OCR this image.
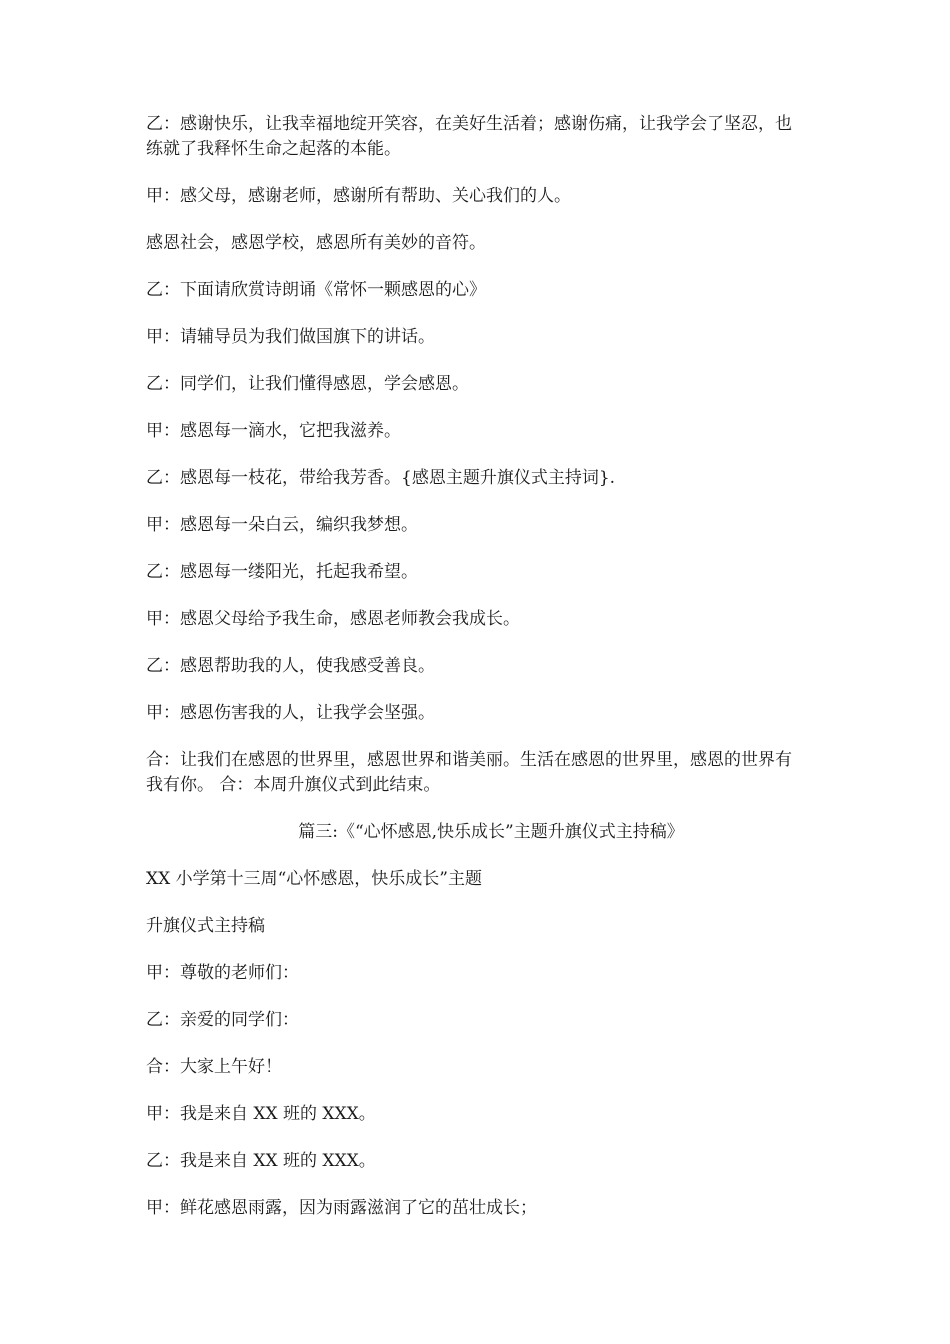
乙：感谢快乐，让我幸福地绽开笑容，在美好生活着；感谢伤痛，让我学会了坚忍，也练就了我释怀生命之起落的本能。

甲：感父母，感谢老师，感谢所有帮助、关心我们的人。

感恩社会，感恩学校，感恩所有美妙的音符。

乙：下面请欣赏诗朗诵《常怀一颗感恩的心》

甲：请辅导员为我们做国旗下的讲话。

乙：同学们，让我们懂得感恩，学会感恩。

甲：感恩每一滴水，它把我滋养。

乙：感恩每一枝花，带给我芳香。{感恩主题升旗仪式主持词}.

甲：感恩每一朵白云，编织我梦想。

乙：感恩每一缕阳光，托起我希望。

甲：感恩父母给予我生命，感恩老师教会我成长。

乙：感恩帮助我的人，使我感受善良。

甲：感恩伤害我的人，让我学会坚强。

合：让我们在感恩的世界里，感恩世界和谐美丽。生活在感恩的世界里，感恩的世界有我有你。 合：本周升旗仪式到此结束。

篇三:《“心怀感恩,快乐成长”主题升旗仪式主持稿》

XX 小学第十三周“心怀感恩，快乐成长”主题

升旗仪式主持稿

甲：尊敬的老师们：

乙：亲爱的同学们：

合：大家上午好！

甲：我是来自 XX 班的 XXX。

乙：我是来自 XX 班的 XXX。

甲：鲜花感恩雨露，因为雨露滋润了它的茁壮成长；
